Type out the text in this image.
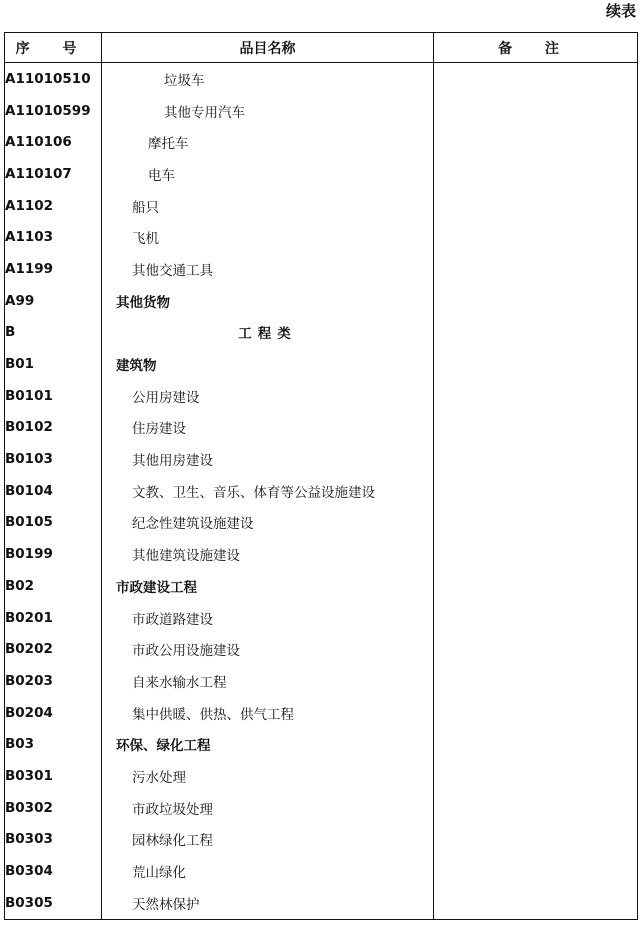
续表
序 号	品目名称	备 注
A11010510	垃圾车	
A11010599	其他专用汽车	
A110106	摩托车	
A110107	电车	
A1102	船只	
A1103	飞机	
A1199	其他交通工具	
A99	其他货物	
B	工程类	
B01	建筑物	
B0101	公用房建设	
B0102	住房建设	
B0103	其他用房建设	
B0104	文教、卫生、音乐、体育等公益设施建设	
B0105	纪念性建筑设施建设	
B0199	其他建筑设施建设	
B02	市政建设工程	
B0201	市政道路建设	
B0202	市政公用设施建设	
B0203	自来水输水工程	
B0204	集中供暖、供热、供气工程	
B03	环保、绿化工程	
B0301	污水处理	
B0302	市政垃圾处理	
B0303	园林绿化工程	
B0304	荒山绿化	
B0305	天然林保护	
